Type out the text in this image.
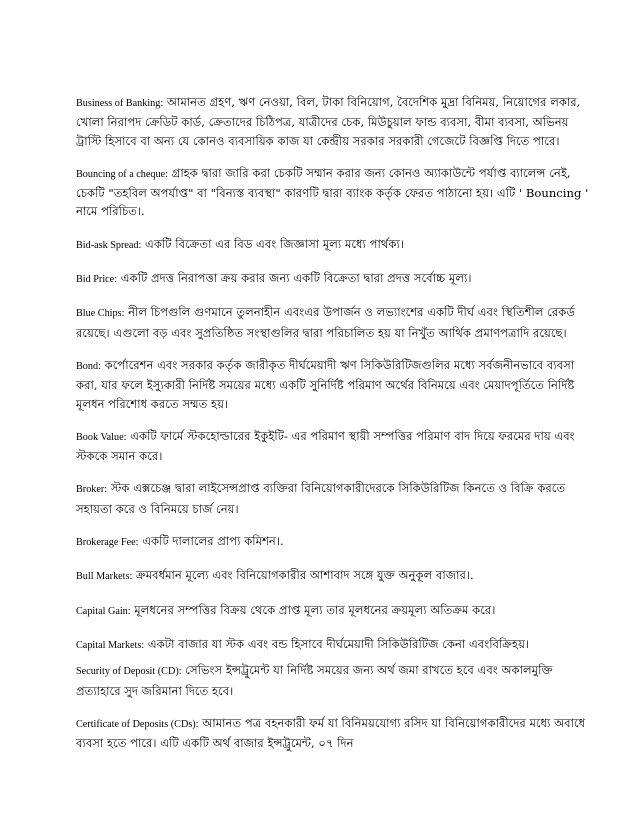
Business of Banking: আমানত গ্রহণ, ঋণ নেওয়া, বিল, টাকা বিনিয়োগ, বৈদেশিক মুদ্রা বিনিময়, নিয়োগের লকার, খোলা নিরাপদ ক্রেডিট কার্ড, ক্রেতাদের চিঠিপত্র, যাত্রীদের চেক, মিউচুয়াল ফান্ড ব্যবসা, বীমা ব্যবসা, অভিনয় ট্রাস্টি হিসাবে বা অন্য যে কোনও ব্যবসায়িক কাজ যা কেন্দ্রীয় সরকার সরকারী গেজেটে বিজ্ঞপ্তি দিতে পারে।

Bouncing of a cheque: গ্রাহক দ্বারা জারি করা চেকটি সম্মান করার জন্য কোনও অ্যাকাউন্টে পর্যাপ্ত ব্যালেন্স নেই, চেকটি "তহবিল অপর্যাপ্ত" বা "বিন্যস্ত ব্যবস্থা" কারণটি দ্বারা ব্যাংক কর্তৃক ফেরত পাঠানো হয়। এটি ' Bouncing ' নামে পরিচিত।.

Bid-ask Spread: একটি বিক্রেতা এর বিড এবং জিজ্ঞাসা মূল্য মধ্যে পার্থক্য।

Bid Price: একটি প্রদত্ত নিরাপত্তা ক্রয় করার জন্য একটি বিক্রেতা দ্বারা প্রদত্ত সর্বোচ্চ মূল্য।

Blue Chips: নীল চিপগুলি গুণমানে তুলনাহীন এবংএর উপার্জন ও লভ্যাংশের একটি দীর্ঘ এবং স্থিতিশীল রেকর্ড রয়েছে। এগুলো বড় এবং সুপ্রতিষ্ঠিত সংস্থাগুলির দ্বারা পরিচালিত হয় যা নিখুঁত আর্থিক প্রমাণপত্রাদি রয়েছে।

Bond: কর্পোরেশন এবং সরকার কর্তৃক জারীকৃত দীর্ঘমেয়াদী ঋণ সিকিউরিটিজগুলির মধ্যে সর্বজনীনভাবে ব্যবসা করা, যার ফলে ইস্যুকারী নির্দিষ্ট সময়ের মধ্যে একটি সুনির্দিষ্ট পরিমাণ অর্থের বিনিময়ে এবং মেয়াদপূর্তিতে নির্দিষ্ট মূলধন পরিশোধ করতে সম্মত হয়।

Book Value: একটি ফার্মে স্টকহোল্ডারের ইকুইটি- এর পরিমাণ স্থায়ী সম্পত্তির পরিমাণ বাদ দিয়ে ফরমের দায় এবং স্টককে সমান করে।

Broker: স্টক এক্সচেঞ্জ দ্বারা লাইসেন্সপ্রাপ্ত ব্যক্তিরা বিনিয়োগকারীদেরকে সিকিউরিটিজ কিনতে ও বিক্রি করতে সহায়তা করে ও বিনিময়ে চার্জ নেয়।

Brokerage Fee: একটি দালালের প্রাপ্য কমিশন।.

Bull Markets: ক্রমবর্ধমান মূল্যে এবং বিনিয়োগকারীর আশাবাদ সঙ্গে যুক্ত অনুকূল বাজার।.

Capital Gain: মূলধনের সম্পত্তির বিক্রয় থেকে প্রাপ্ত মূল্য তার মূলধনের ক্রয়মূল্য অতিক্রম করে।

Capital Markets: একটা বাজার যা স্টক এবং বন্ড হিসাবে দীর্ঘমেয়াদী সিকিউরিটিজ কেনা এবংবিক্রিহয়।

Security of Deposit (CD): সেভিংস ইন্সট্রুমেন্ট যা নির্দিষ্ট সময়ের জন্য অর্থ জমা রাখতে হবে এবং অকালমুক্তি প্রত্যাহারে সুদ জরিমানা দিতে হবে।

Certificate of Deposits (CDs): আমানত পত্র বহনকারী ফর্ম যা বিনিময়যোগ্য রসিদ যা বিনিয়োগকারীদের মধ্যে অবাধে ব্যবসা হতে পারে। এটি একটি অর্থ বাজার ইন্সট্রুমেন্ট, ০৭ দিন
